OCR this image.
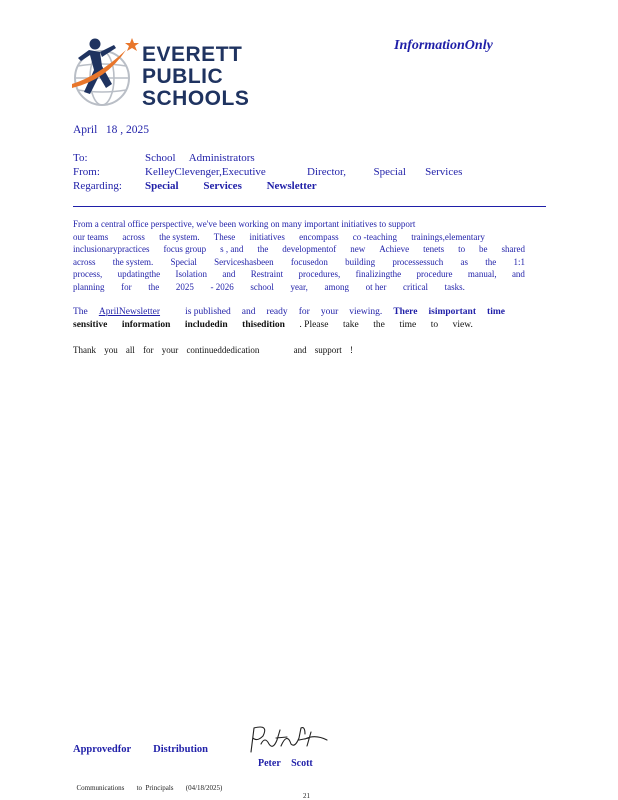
EVERETT
PUBLIC
SCHOOLS
InformationOnly
April   18 , 2025
To:	School     Administrators
From:	KelleyClevenger,Executive               Director,          Special       Services
Regarding: Special         Services         Newsletter
From a central office perspective, we've been working on many important initiatives to support
our teams across the system. These initiatives encompass co -teaching trainings,elementary
inclusionarypractices focus group s , and the developmentof new Achieve tenets to be shared
across the system. Special Serviceshasbeen focusedon building processessuch as the 1:1
process, updatingthe Isolation and Restraint procedures, finalizingthe procedure manual, and
planning for the 2025 - 2026 school year, among ot her critical tasks.
The AprilNewsletter	is published and ready for your viewing. There isimportant time
sensitive information includedin thisedition . Please take the time to view.
Thank you all for your continueddedication	and support !
Approvedfor Distribution
Peter Scott

Communications       to  Principals       (04/18/2025)

21
